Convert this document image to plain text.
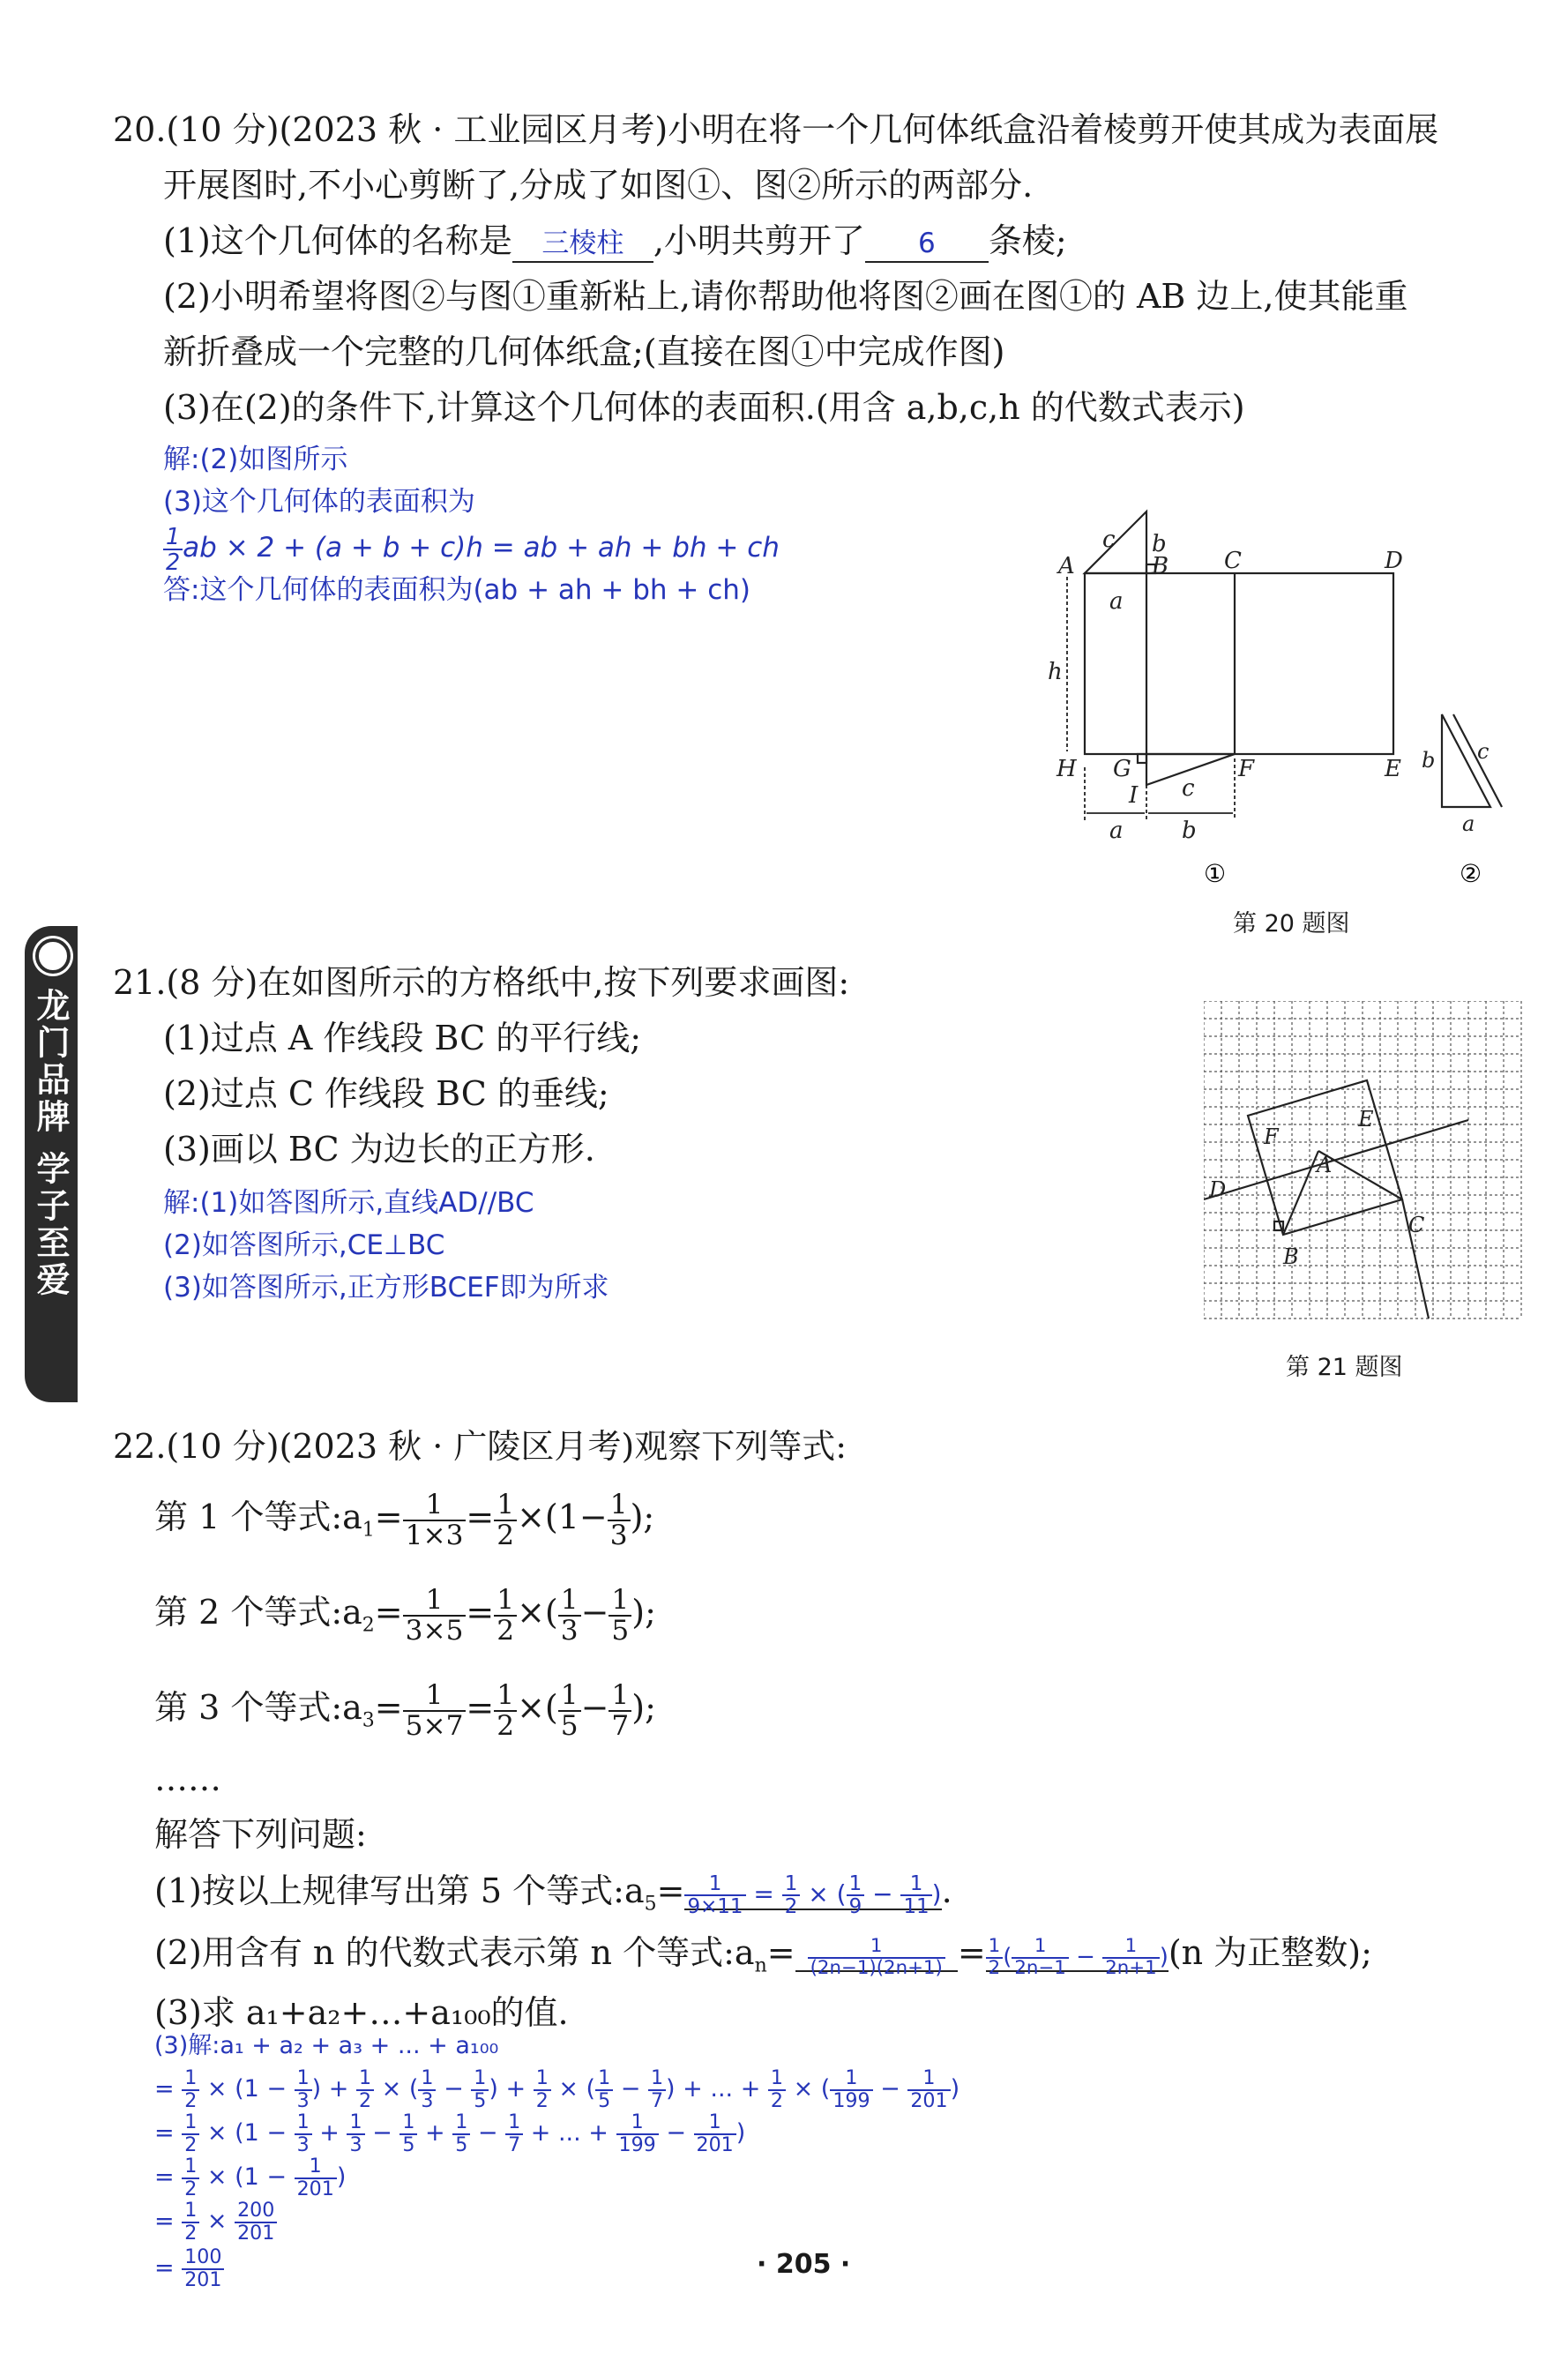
龙门品牌 学子至爱
20.(10 分)(2023 秋 · 工业园区月考)小明在将一个几何体纸盒沿着棱剪开使其成为表面展
开展图时,不小心剪断了,分成了如图①、图②所示的两部分.
(1)这个几何体的名称是 三棱柱 ,小明共剪开了 6 条棱;
(2)小明希望将图②与图①重新粘上,请你帮助他将图②画在图①的 AB 边上,使其能重
新折叠成一个完整的几何体纸盒;(直接在图①中完成作图)
(3)在(2)的条件下,计算这个几何体的表面积.(用含 a,b,c,h 的代数式表示)
解:(2)如图所示
(3)这个几何体的表面积为
$\frac{1}{2}$ ab × 2 + (a + b + c)h = ab + ah + bh + ch
答:这个几何体的表面积为(ab + ah + bh + ch)
A	B C	D
E
F
G
H
I
a
b
c
h
c
a	b
b c
a
①	②
第 20 题图
21.(8 分)在如图所示的方格纸中,按下列要求画图:
(1)过点 A 作线段 BC 的平行线;
(2)过点 C 作线段 BC 的垂线;
(3)画以 BC 为边长的正方形.
解:(1)如答图所示,直线AD//BC
(2)如答图所示,CE⊥BC
(3)如答图所示,正方形BCEF即为所求
D
F
E
A
B
C
第 21 题图
22.(10 分)(2023 秋 · 广陵区月考)观察下列等式:
第 1 个等式$:a_1= \frac{1}{1\times 3} = \frac{1}{2} \times(1- \frac{1}{3}$ );
第 2 个等式$:a_2= \frac{1}{3\times 5} = \frac{1}{2}$ ×( $\frac{1}{3} - \frac{1}{5}$ );
第 3 个等式$:a_3= \frac{1}{5\times 7} = \frac{1}{2}$ ×( $\frac{1}{5} - \frac{1}{7}$ );
……
解答下列问题:
(1)按以上规律写出第 5 个等式$:a_5= \frac{1}{9\times 11} = \frac{1}{2}$ × ( $\frac{1}{9} - \frac{1}{11}$ ).
(2)用含有 n 的代数式表示第 n 个等式$:a_n= \frac{1}{(2n-1)(2n+1)} = \frac{1}{2}$ ( $\frac{1}{2n-1} - \frac{1}{2n+1} )(n$ 为正整数);
(3)求 a₁+a₂+…+a₁₀₀的值.
(3)解:a₁ + a₂ + a₃ + ... + a₁₀₀
= $\frac{1}{2} \times (1 - \frac{1}{3}$ ) + $\frac{1}{2}$ × ( $\frac{1}{3} - \frac{1}{5}$ ) + $\frac{1}{2}$ × ( $\frac{1}{5} - \frac{1}{7}$ ) + ... + $\frac{1}{2}$ × ( $\frac{1}{199} - \frac{1}{201}$ )
= $\frac{1}{2} \times (1 - \frac{1}{3} + \frac{1}{3} - \frac{1}{5} + \frac{1}{5} - \frac{1}{7}$ + ... + $\frac{1}{199} - \frac{1}{201}$ )
= $\frac{1}{2} \times (1 - \frac{1}{201}$ )
= $\frac{1}{2} \times \frac{200}{201}$
= $\frac{100}{201}$	· 205 ·
